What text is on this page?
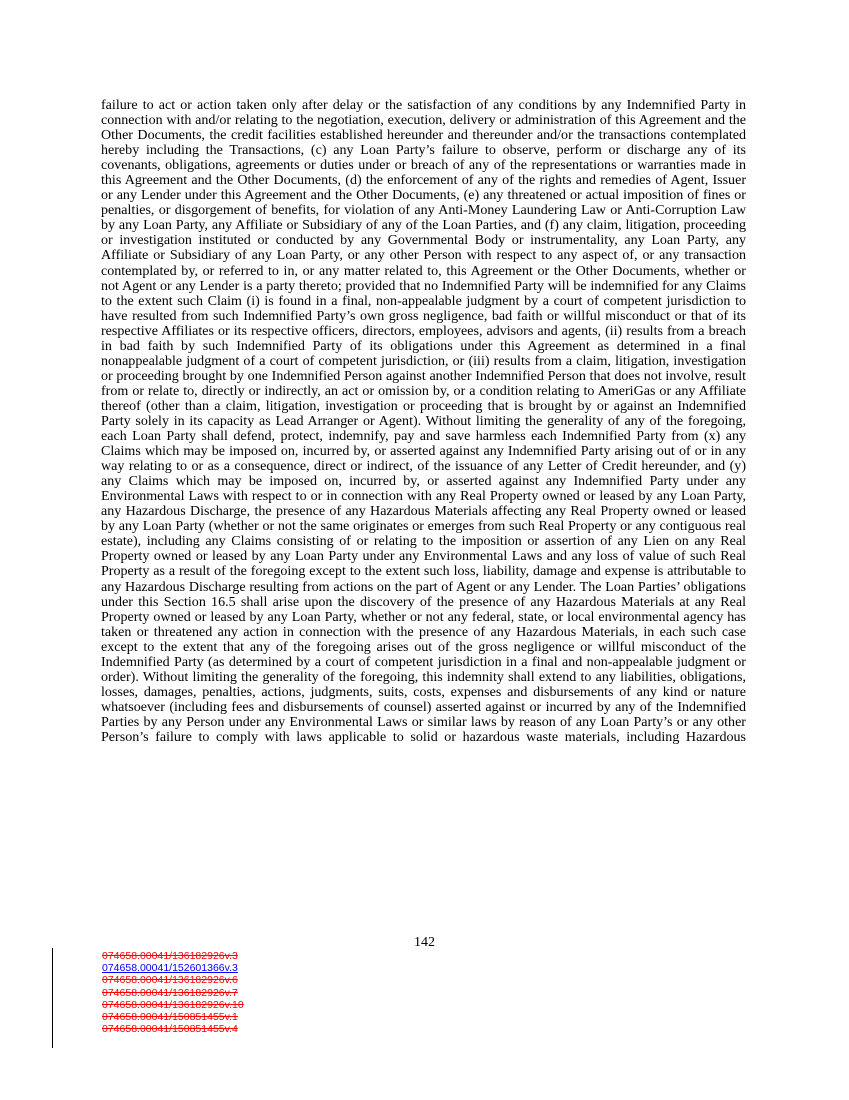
failure to act or action taken only after delay or the satisfaction of any conditions by any Indemnified Party in connection with and/or relating to the negotiation, execution, delivery or administration of this Agreement and the Other Documents, the credit facilities established hereunder and thereunder and/or the transactions contemplated hereby including the Transactions, (c) any Loan Party’s failure to observe, perform or discharge any of its covenants, obligations, agreements or duties under or breach of any of the representations or warranties made in this Agreement and the Other Documents, (d) the enforcement of any of the rights and remedies of Agent, Issuer or any Lender under this Agreement and the Other Documents, (e) any threatened or actual imposition of fines or penalties, or disgorgement of benefits, for violation of any Anti-Money Laundering Law or Anti-Corruption Law by any Loan Party, any Affiliate or Subsidiary of any of the Loan Parties, and (f) any claim, litigation, proceeding or investigation instituted or conducted by any Governmental Body or instrumentality, any Loan Party, any Affiliate or Subsidiary of any Loan Party, or any other Person with respect to any aspect of, or any transaction contemplated by, or referred to in, or any matter related to, this Agreement or the Other Documents, whether or not Agent or any Lender is a party thereto; provided that no Indemnified Party will be indemnified for any Claims to the extent such Claim (i) is found in a final, non-appealable judgment by a court of competent jurisdiction to have resulted from such Indemnified Party’s own gross negligence, bad faith or willful misconduct or that of its respective Affiliates or its respective officers, directors, employees, advisors and agents, (ii) results from a breach in bad faith by such Indemnified Party of its obligations under this Agreement as determined in a final nonappealable judgment of a court of competent jurisdiction, or (iii) results from a claim, litigation, investigation or proceeding brought by one Indemnified Person against another Indemnified Person that does not involve, result from or relate to, directly or indirectly, an act or omission by, or a condition relating to AmeriGas or any Affiliate thereof (other than a claim, litigation, investigation or proceeding that is brought by or against an Indemnified Party solely in its capacity as Lead Arranger or Agent). Without limiting the generality of any of the foregoing, each Loan Party shall defend, protect, indemnify, pay and save harmless each Indemnified Party from (x) any Claims which may be imposed on, incurred by, or asserted against any Indemnified Party arising out of or in any way relating to or as a consequence, direct or indirect, of the issuance of any Letter of Credit hereunder, and (y) any Claims which may be imposed on, incurred by, or asserted against any Indemnified Party under any Environmental Laws with respect to or in connection with any Real Property owned or leased by any Loan Party, any Hazardous Discharge, the presence of any Hazardous Materials affecting any Real Property owned or leased by any Loan Party (whether or not the same originates or emerges from such Real Property or any contiguous real estate), including any Claims consisting of or relating to the imposition or assertion of any Lien on any Real Property owned or leased by any Loan Party under any Environmental Laws and any loss of value of such Real Property as a result of the foregoing except to the extent such loss, liability, damage and expense is attributable to any Hazardous Discharge resulting from actions on the part of Agent or any Lender. The Loan Parties’ obligations under this Section 16.5 shall arise upon the discovery of the presence of any Hazardous Materials at any Real Property owned or leased by any Loan Party, whether or not any federal, state, or local environmental agency has taken or threatened any action in connection with the presence of any Hazardous Materials, in each such case except to the extent that any of the foregoing arises out of the gross negligence or willful misconduct of the Indemnified Party (as determined by a court of competent jurisdiction in a final and non-appealable judgment or order). Without limiting the generality of the foregoing, this indemnity shall extend to any liabilities, obligations, losses, damages, penalties, actions, judgments, suits, costs, expenses and disbursements of any kind or nature whatsoever (including fees and disbursements of counsel) asserted against or incurred by any of the Indemnified Parties by any Person under any Environmental Laws or similar laws by reason of any Loan Party’s or any other Person’s failure to comply with laws applicable to solid or hazardous waste materials, including Hazardous

142

074658.00041/136182926v.3
074658.00041/152601366v.3
074658.00041/136182926v.6
074658.00041/136182926v.7
074658.00041/136182926v.10
074658.00041/150851455v.1
074658.00041/150851455v.4
